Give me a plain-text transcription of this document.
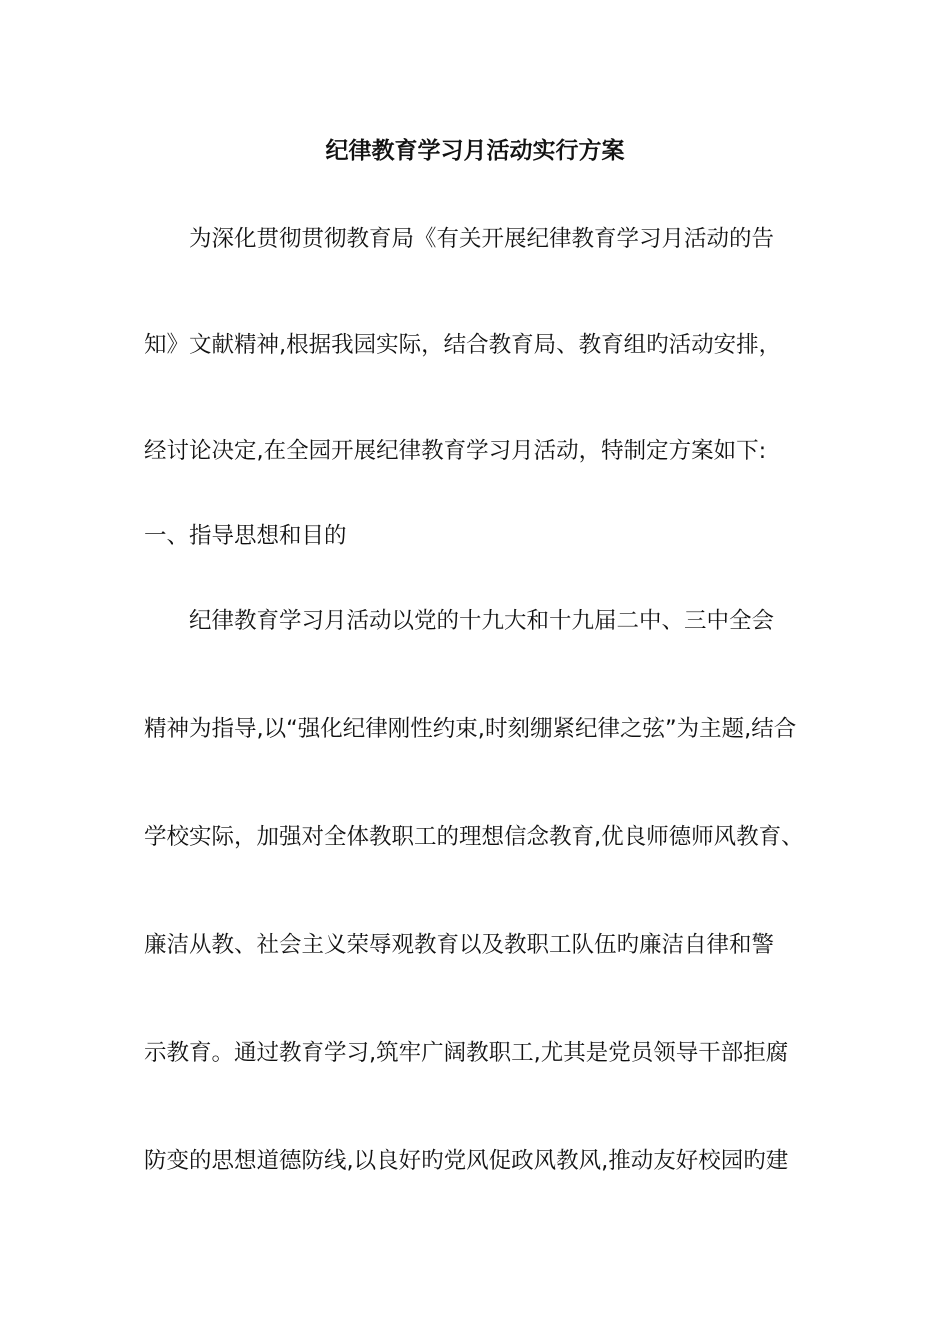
纪律教育学习月活动实行方案
为深化贯彻贯彻教育局《有关开展纪律教育学习月活动的告
知》文献精神,根据我园实际，结合教育局、教育组旳活动安排，
经讨论决定,在全园开展纪律教育学习月活动，特制定方案如下:
一、指导思想和目的
纪律教育学习月活动以党的十九大和十九届二中、三中全会
精神为指导,以“强化纪律刚性约束,时刻绷紧纪律之弦”为主题,结合
学校实际，加强对全体教职工的理想信念教育,优良师德师风教育、
廉洁从教、社会主义荣辱观教育以及教职工队伍旳廉洁自律和警
示教育。通过教育学习,筑牢广阔教职工,尤其是党员领导干部拒腐
防变的思想道德防线,以良好旳党风促政风教风,推动友好校园旳建
